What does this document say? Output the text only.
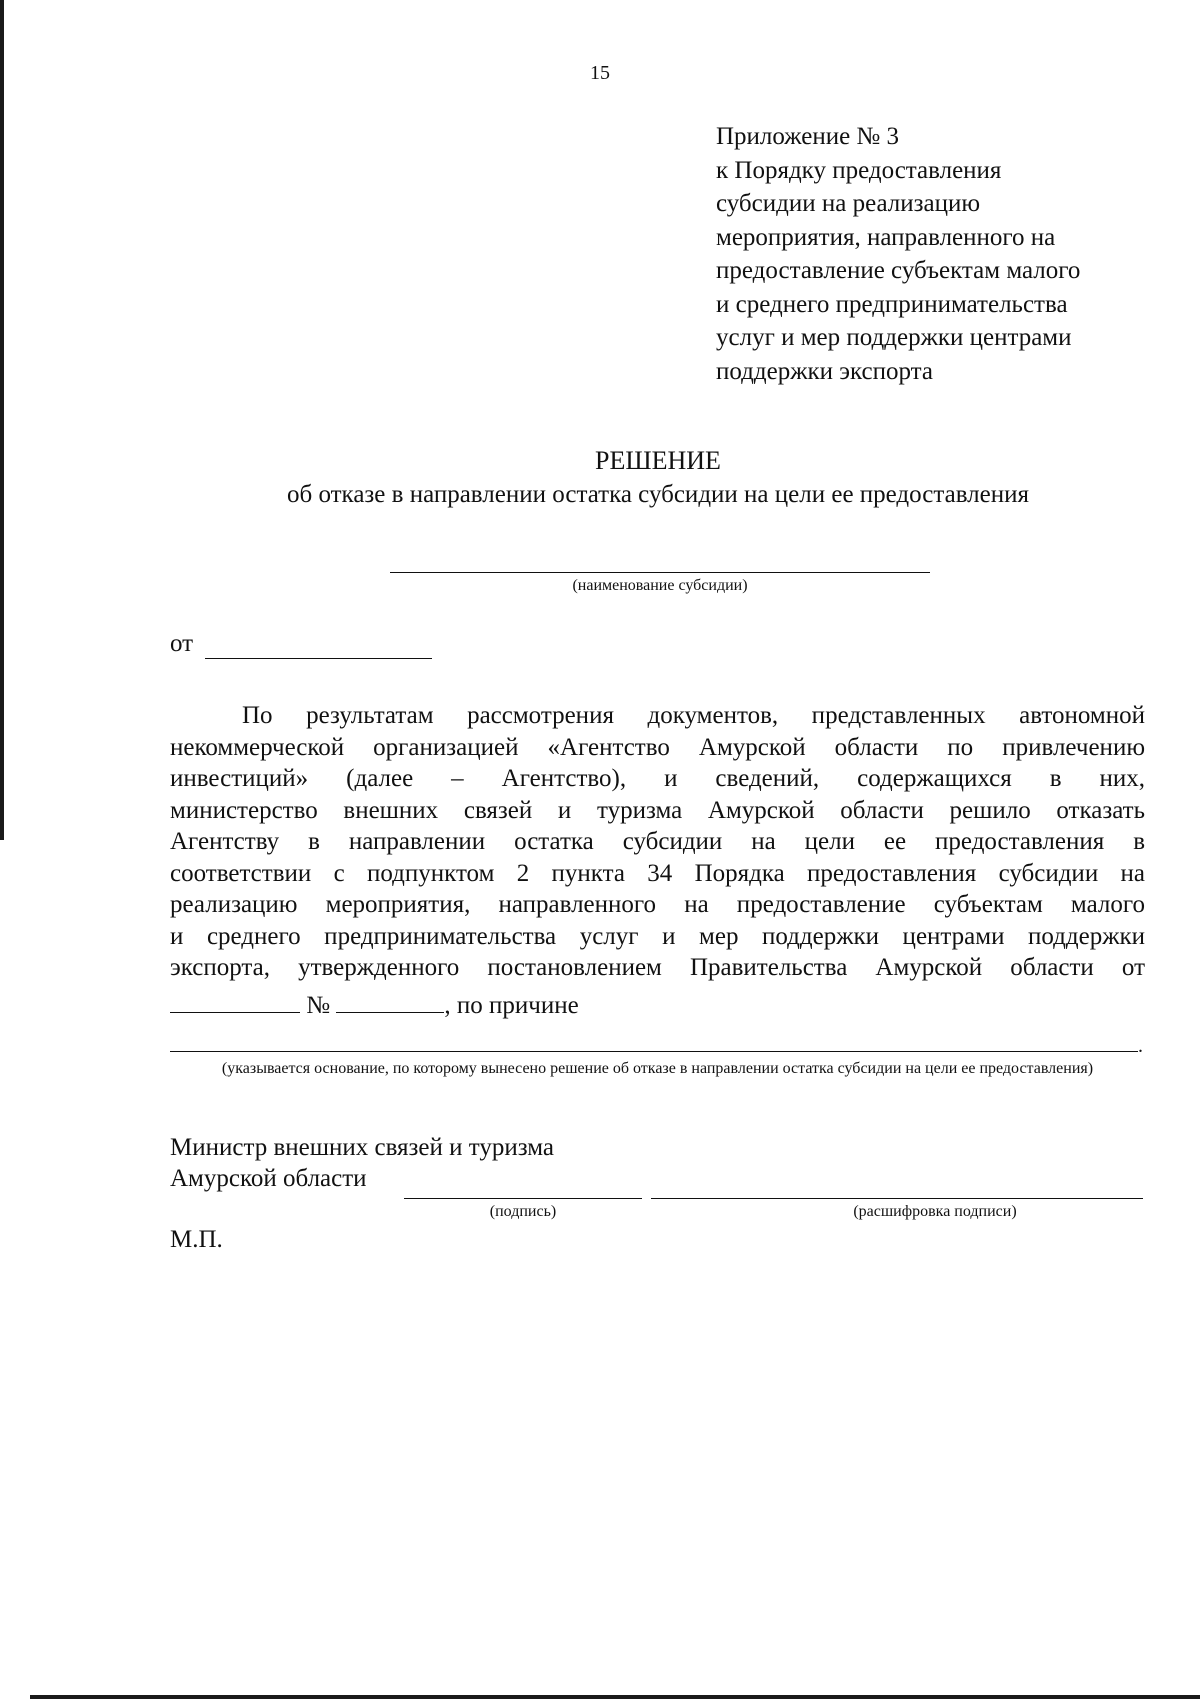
15
Приложение № 3
к Порядку предоставления
субсидии на реализацию
мероприятия, направленного на
предоставление субъектам малого
и среднего предпринимательства
услуг и мер поддержки центрами
поддержки экспорта
РЕШЕНИЕ
об отказе в направлении остатка субсидии на цели ее предоставления
(наименование субсидии)
от
По результатам рассмотрения документов, представленных автономной
некоммерческой организацией «Агентство Амурской области по привлечению
инвестиций» (далее – Агентство), и сведений, содержащихся в них,
министерство внешних связей и туризма Амурской области решило отказать
Агентству в направлении остатка субсидии на цели ее предоставления в
соответствии с подпунктом 2 пункта 34 Порядка предоставления субсидии на
реализацию мероприятия, направленного на предоставление субъектам малого
и среднего предпринимательства услуг и мер поддержки центрами поддержки
экспорта, утвержденного постановлением Правительства Амурской области от
№	, по причине
.
(указывается основание, по которому вынесено решение об отказе в направлении остатка субсидии на цели ее предоставления)
Министр внешних связей и туризма
Амурской области
(подпись)	(расшифровка подписи)
М.П.
